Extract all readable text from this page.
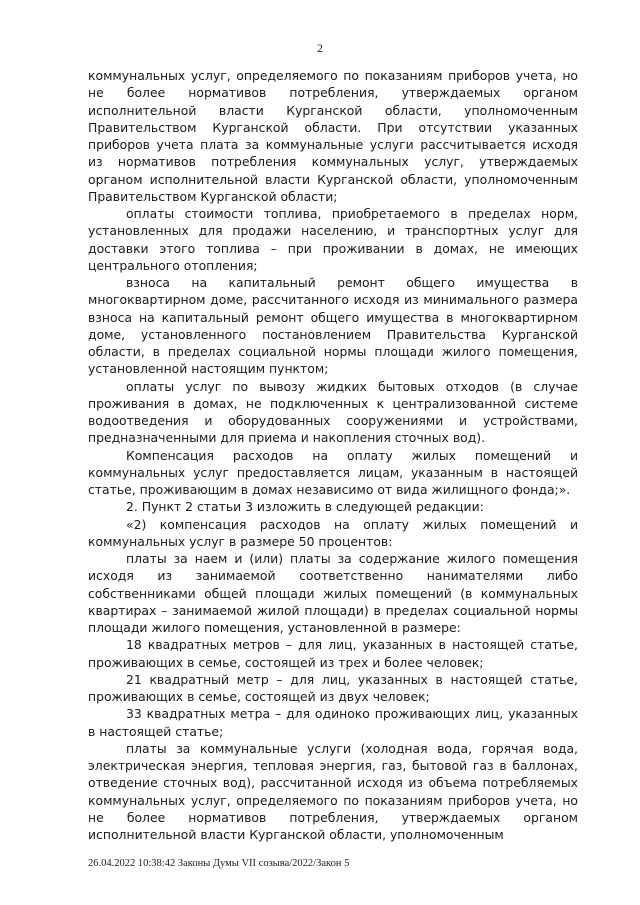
2

коммунальных услуг, определяемого по показаниям приборов учета, но не более нормативов потребления, утверждаемых органом исполнительной власти Курганской области, уполномоченным Правительством Курганской области. При отсутствии указанных приборов учета плата за коммунальные услуги рассчитывается исходя из нормативов потребления коммунальных услуг, утверждаемых органом исполнительной власти Курганской области, уполномоченным Правительством Курганской области;

оплаты стоимости топлива, приобретаемого в пределах норм, установленных для продажи населению, и транспортных услуг для доставки этого топлива – при проживании в домах, не имеющих центрального отопления;

взноса на капитальный ремонт общего имущества в многоквартирном доме, рассчитанного исходя из минимального размера взноса на капитальный ремонт общего имущества в многоквартирном доме, установленного постановлением Правительства Курганской области, в пределах социальной нормы площади жилого помещения, установленной настоящим пунктом;

оплаты услуг по вывозу жидких бытовых отходов (в случае проживания в домах, не подключенных к централизованной системе водоотведения и оборудованных сооружениями и устройствами, предназначенными для приема и накопления сточных вод).

Компенсация расходов на оплату жилых помещений и коммунальных услуг предоставляется лицам, указанным в настоящей статье, проживающим в домах независимо от вида жилищного фонда;».

2. Пункт 2 статьи 3 изложить в следующей редакции:

«2) компенсация расходов на оплату жилых помещений и коммунальных услуг в размере 50 процентов:

платы за наем и (или) платы за содержание жилого помещения исходя из занимаемой соответственно нанимателями либо собственниками общей площади жилых помещений (в коммунальных квартирах – занимаемой жилой площади) в пределах социальной нормы площади жилого помещения, установленной в размере:

18 квадратных метров – для лиц, указанных в настоящей статье, проживающих в семье, состоящей из трех и более человек;

21 квадратный метр – для лиц, указанных в настоящей статье, проживающих в семье, состоящей из двух человек;

33 квадратных метра – для одиноко проживающих лиц, указанных в настоящей статье;

платы за коммунальные услуги (холодная вода, горячая вода, электрическая энергия, тепловая энергия, газ, бытовой газ в баллонах, отведение сточных вод), рассчитанной исходя из объема потребляемых коммунальных услуг, определяемого по показаниям приборов учета, но не более нормативов потребления, утверждаемых органом исполнительной власти Курганской области, уполномоченным

26.04.2022 10:38:42 Законы Думы VII созыва/2022/Закон 5
